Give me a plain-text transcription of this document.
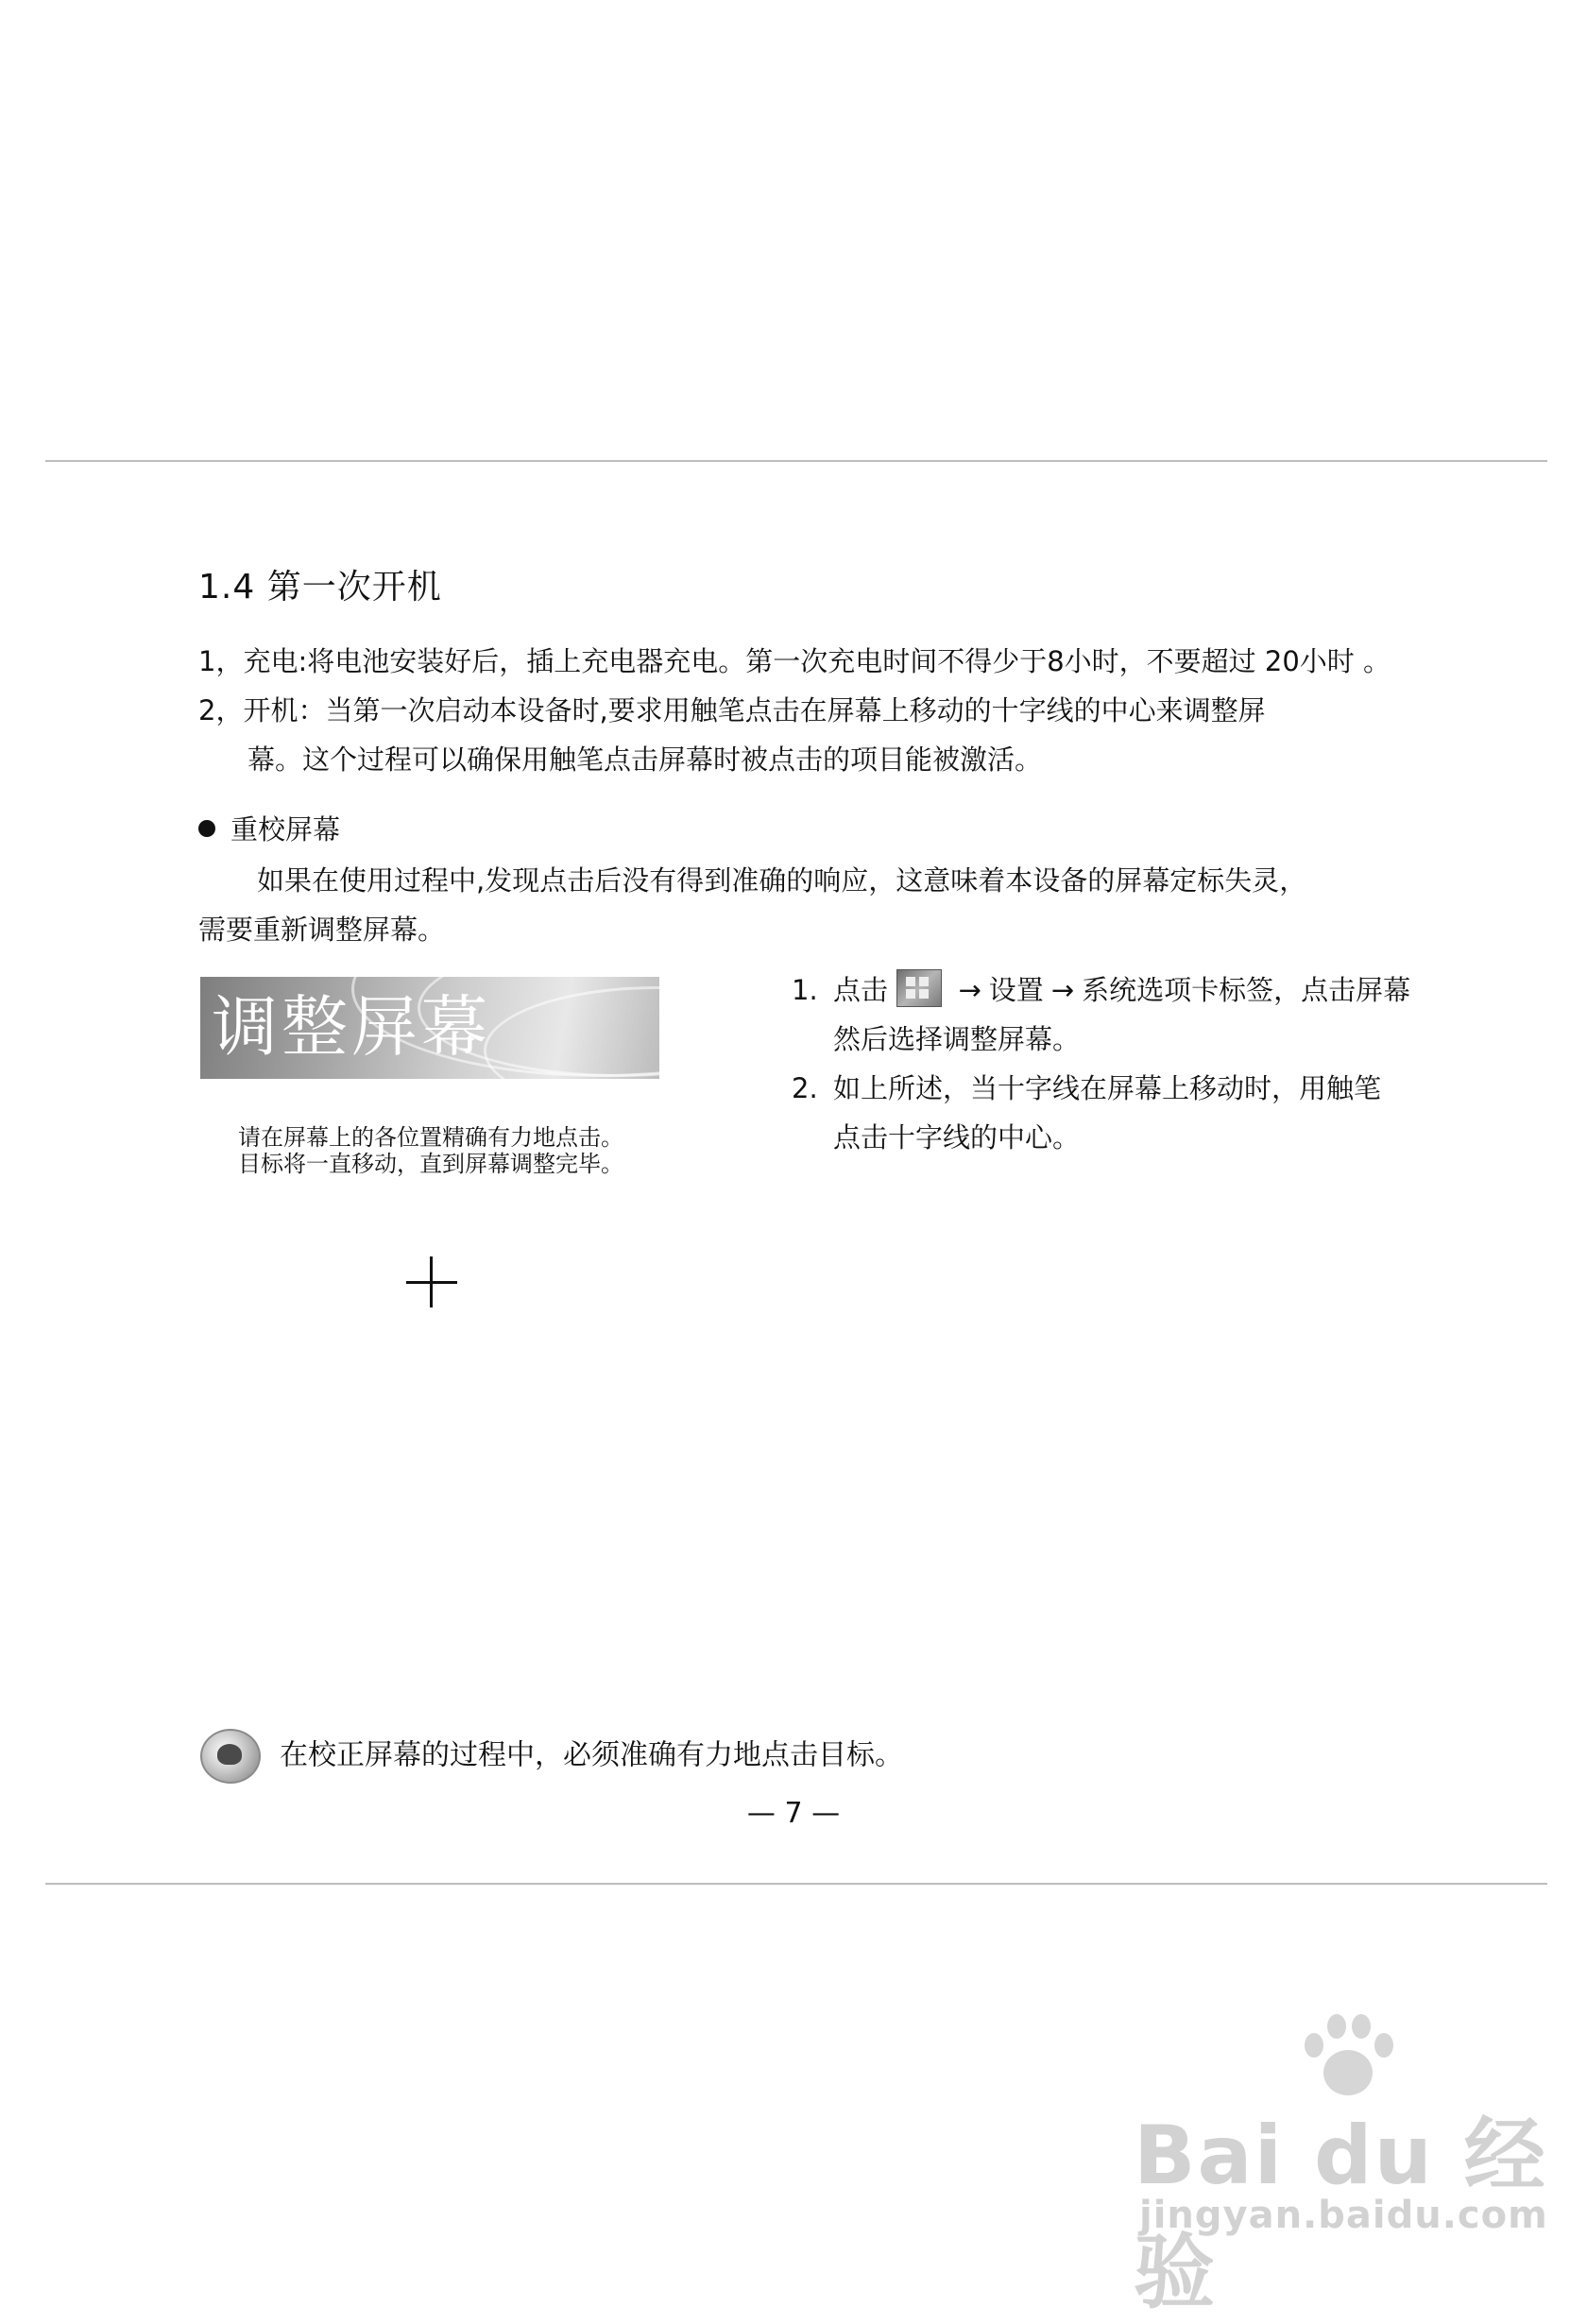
1.4 第一次开机
1，充电:将电池安装好后，插上充电器充电。第一次充电时间不得少于8小时，不要超过 20小时 。
2，开机：当第一次启动本设备时,要求用触笔点击在屏幕上移动的十字线的中心来调整屏
幕。这个过程可以确保用触笔点击屏幕时被点击的项目能被激活。
重校屏幕
如果在使用过程中,发现点击后没有得到准确的响应，这意味着本设备的屏幕定标失灵，
需要重新调整屏幕。
调整屏幕
请在屏幕上的各位置精确有力地点击。目标将一直移动，直到屏幕调整完毕。
1. 点击	→ 设置 → 系统选项卡标签，点击屏幕
然后选择调整屏幕。
2. 如上所述，当十字线在屏幕上移动时，用触笔
点击十字线的中心。
在校正屏幕的过程中，必须准确有力地点击目标。
— 7 —
Bai du 经验
jingyan.baidu.com
